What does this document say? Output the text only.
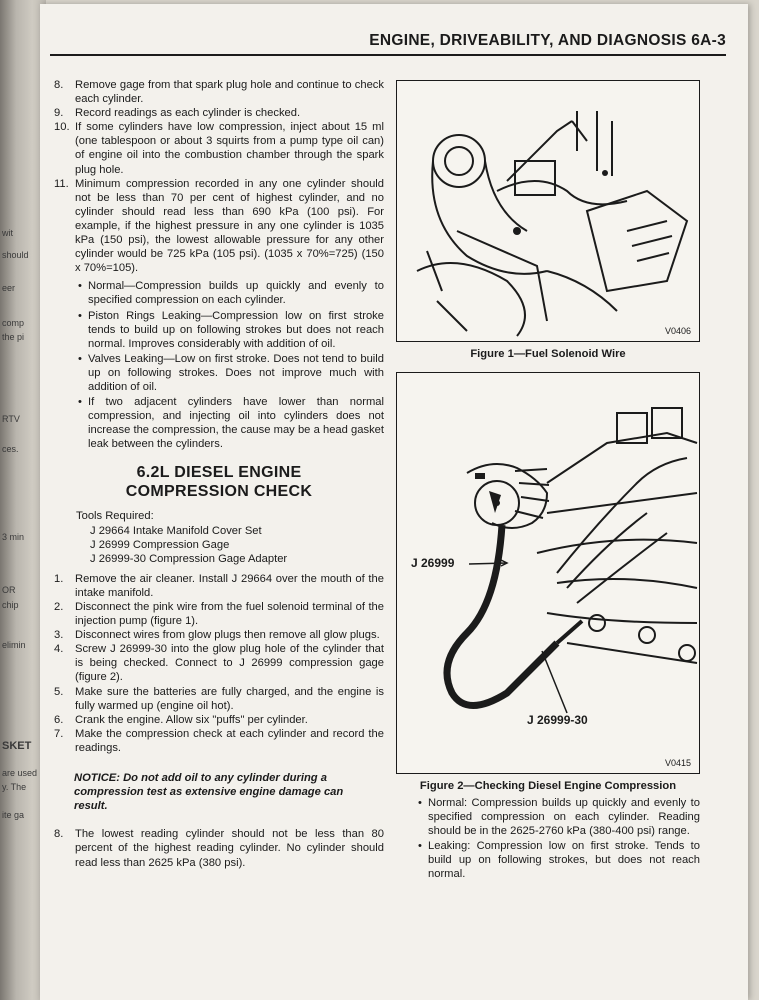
wit
should
eer
comp
the pi
RTV
ces.
3 min
OR
chip
elimin
SKET
are used
y. The
ite ga
ENGINE, DRIVEABILITY, AND DIAGNOSIS 6A-3
8. Remove gage from that spark plug hole and continue to check each cylinder.
9. Record readings as each cylinder is checked.
10. If some cylinders have low compression, inject about 15 ml (one tablespoon or about 3 squirts from a pump type oil can) of engine oil into the combustion chamber through the spark plug hole.
11. Minimum compression recorded in any one cylinder should not be less than 70 per cent of highest cylinder, and no cylinder should read less than 690 kPa (100 psi). For example, if the highest pressure in any one cylinder is 1035 kPa (150 psi), the lowest allowable pressure for any other cylinder would be 725 kPa (105 psi). (1035 x 70%=725) (150 x 70%=105).
• Normal—Compression builds up quickly and evenly to specified compression on each cylinder.
• Piston Rings Leaking—Compression low on first stroke tends to build up on following strokes but does not reach normal. Improves considerably with addition of oil.
• Valves Leaking—Low on first stroke. Does not tend to build up on following strokes. Does not improve much with addition of oil.
• If two adjacent cylinders have lower than normal compression, and injecting oil into cylinders does not increase the compression, the cause may be a head gasket leak between the cylinders.
6.2L DIESEL ENGINE
COMPRESSION CHECK
Tools Required:
J 29664 Intake Manifold Cover Set
J 26999 Compression Gage
J 26999-30 Compression Gage Adapter
1. Remove the air cleaner. Install J 29664 over the mouth of the intake manifold.
2. Disconnect the pink wire from the fuel solenoid terminal of the injection pump (figure 1).
3. Disconnect wires from glow plugs then remove all glow plugs.
4. Screw J 26999-30 into the glow plug hole of the cylinder that is being checked. Connect to J 26999 compression gage (figure 2).
5. Make sure the batteries are fully charged, and the engine is fully warmed up (engine oil hot).
6. Crank the engine. Allow six "puffs" per cylinder.
7. Make the compression check at each cylinder and record the readings.
NOTICE: Do not add oil to any cylinder during a compression test as extensive engine damage can result.
8. The lowest reading cylinder should not be less than 80 percent of the highest reading cylinder. No cylinder should read less than 2625 kPa (380 psi).
V0406
Figure 1—Fuel Solenoid Wire
J 26999
J 26999-30
V0415
Figure 2—Checking Diesel Engine Compression
• Normal: Compression builds up quickly and evenly to specified compression on each cylinder. Reading should be in the 2625-2760 kPa (380-400 psi) range.
• Leaking: Compression low on first stroke. Tends to build up on following strokes, but does not reach normal.
